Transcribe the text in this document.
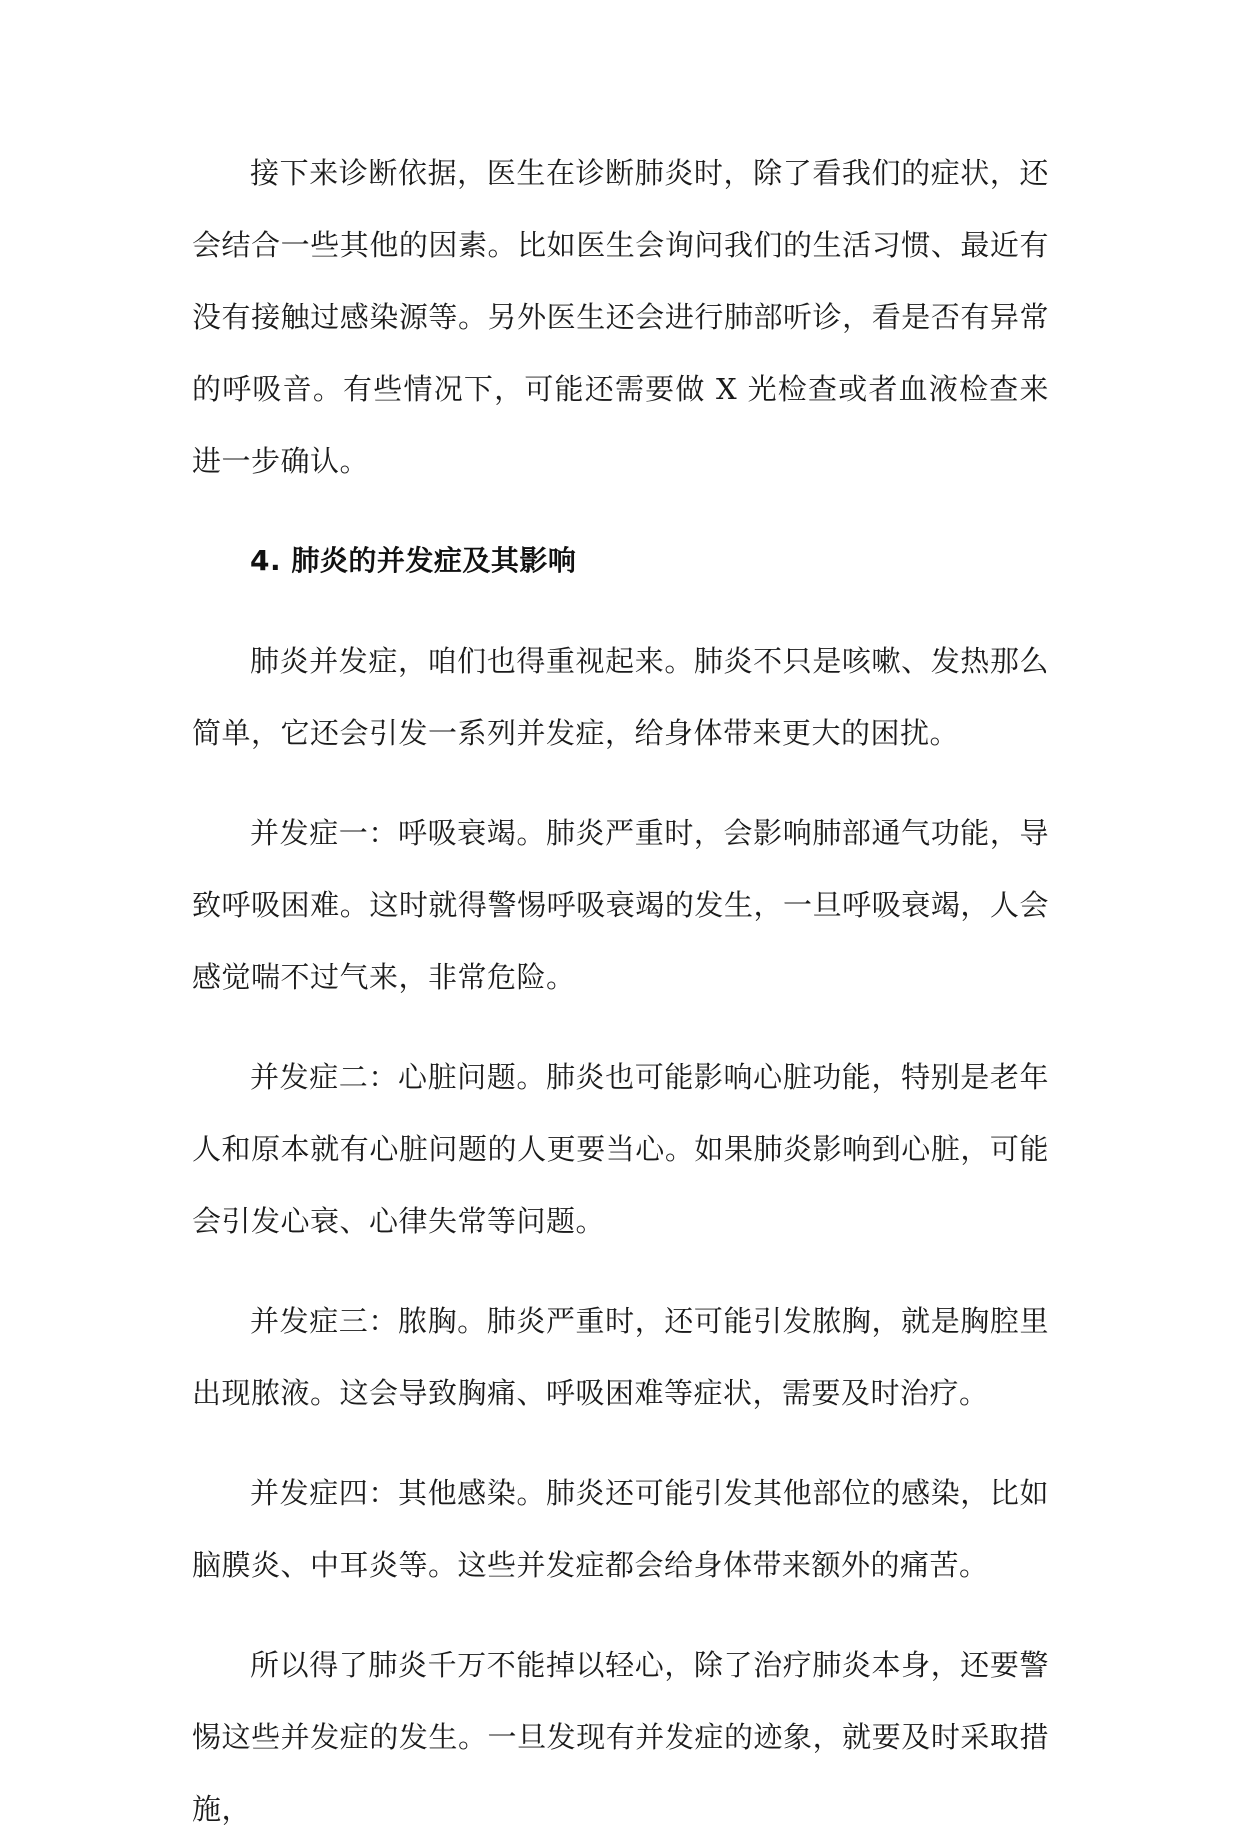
接下来诊断依据，医生在诊断肺炎时，除了看我们的症状，还会结合一些其他的因素。比如医生会询问我们的生活习惯、最近有没有接触过感染源等。另外医生还会进行肺部听诊，看是否有异常的呼吸音。有些情况下，可能还需要做 X 光检查或者血液检查来进一步确认。

4. 肺炎的并发症及其影响

肺炎并发症，咱们也得重视起来。肺炎不只是咳嗽、发热那么简单，它还会引发一系列并发症，给身体带来更大的困扰。

并发症一：呼吸衰竭。肺炎严重时，会影响肺部通气功能，导致呼吸困难。这时就得警惕呼吸衰竭的发生，一旦呼吸衰竭，人会感觉喘不过气来，非常危险。

并发症二：心脏问题。肺炎也可能影响心脏功能，特别是老年人和原本就有心脏问题的人更要当心。如果肺炎影响到心脏，可能会引发心衰、心律失常等问题。

并发症三：脓胸。肺炎严重时，还可能引发脓胸，就是胸腔里出现脓液。这会导致胸痛、呼吸困难等症状，需要及时治疗。

并发症四：其他感染。肺炎还可能引发其他部位的感染，比如脑膜炎、中耳炎等。这些并发症都会给身体带来额外的痛苦。

所以得了肺炎千万不能掉以轻心，除了治疗肺炎本身，还要警惕这些并发症的发生。一旦发现有并发症的迹象，就要及时采取措施，
